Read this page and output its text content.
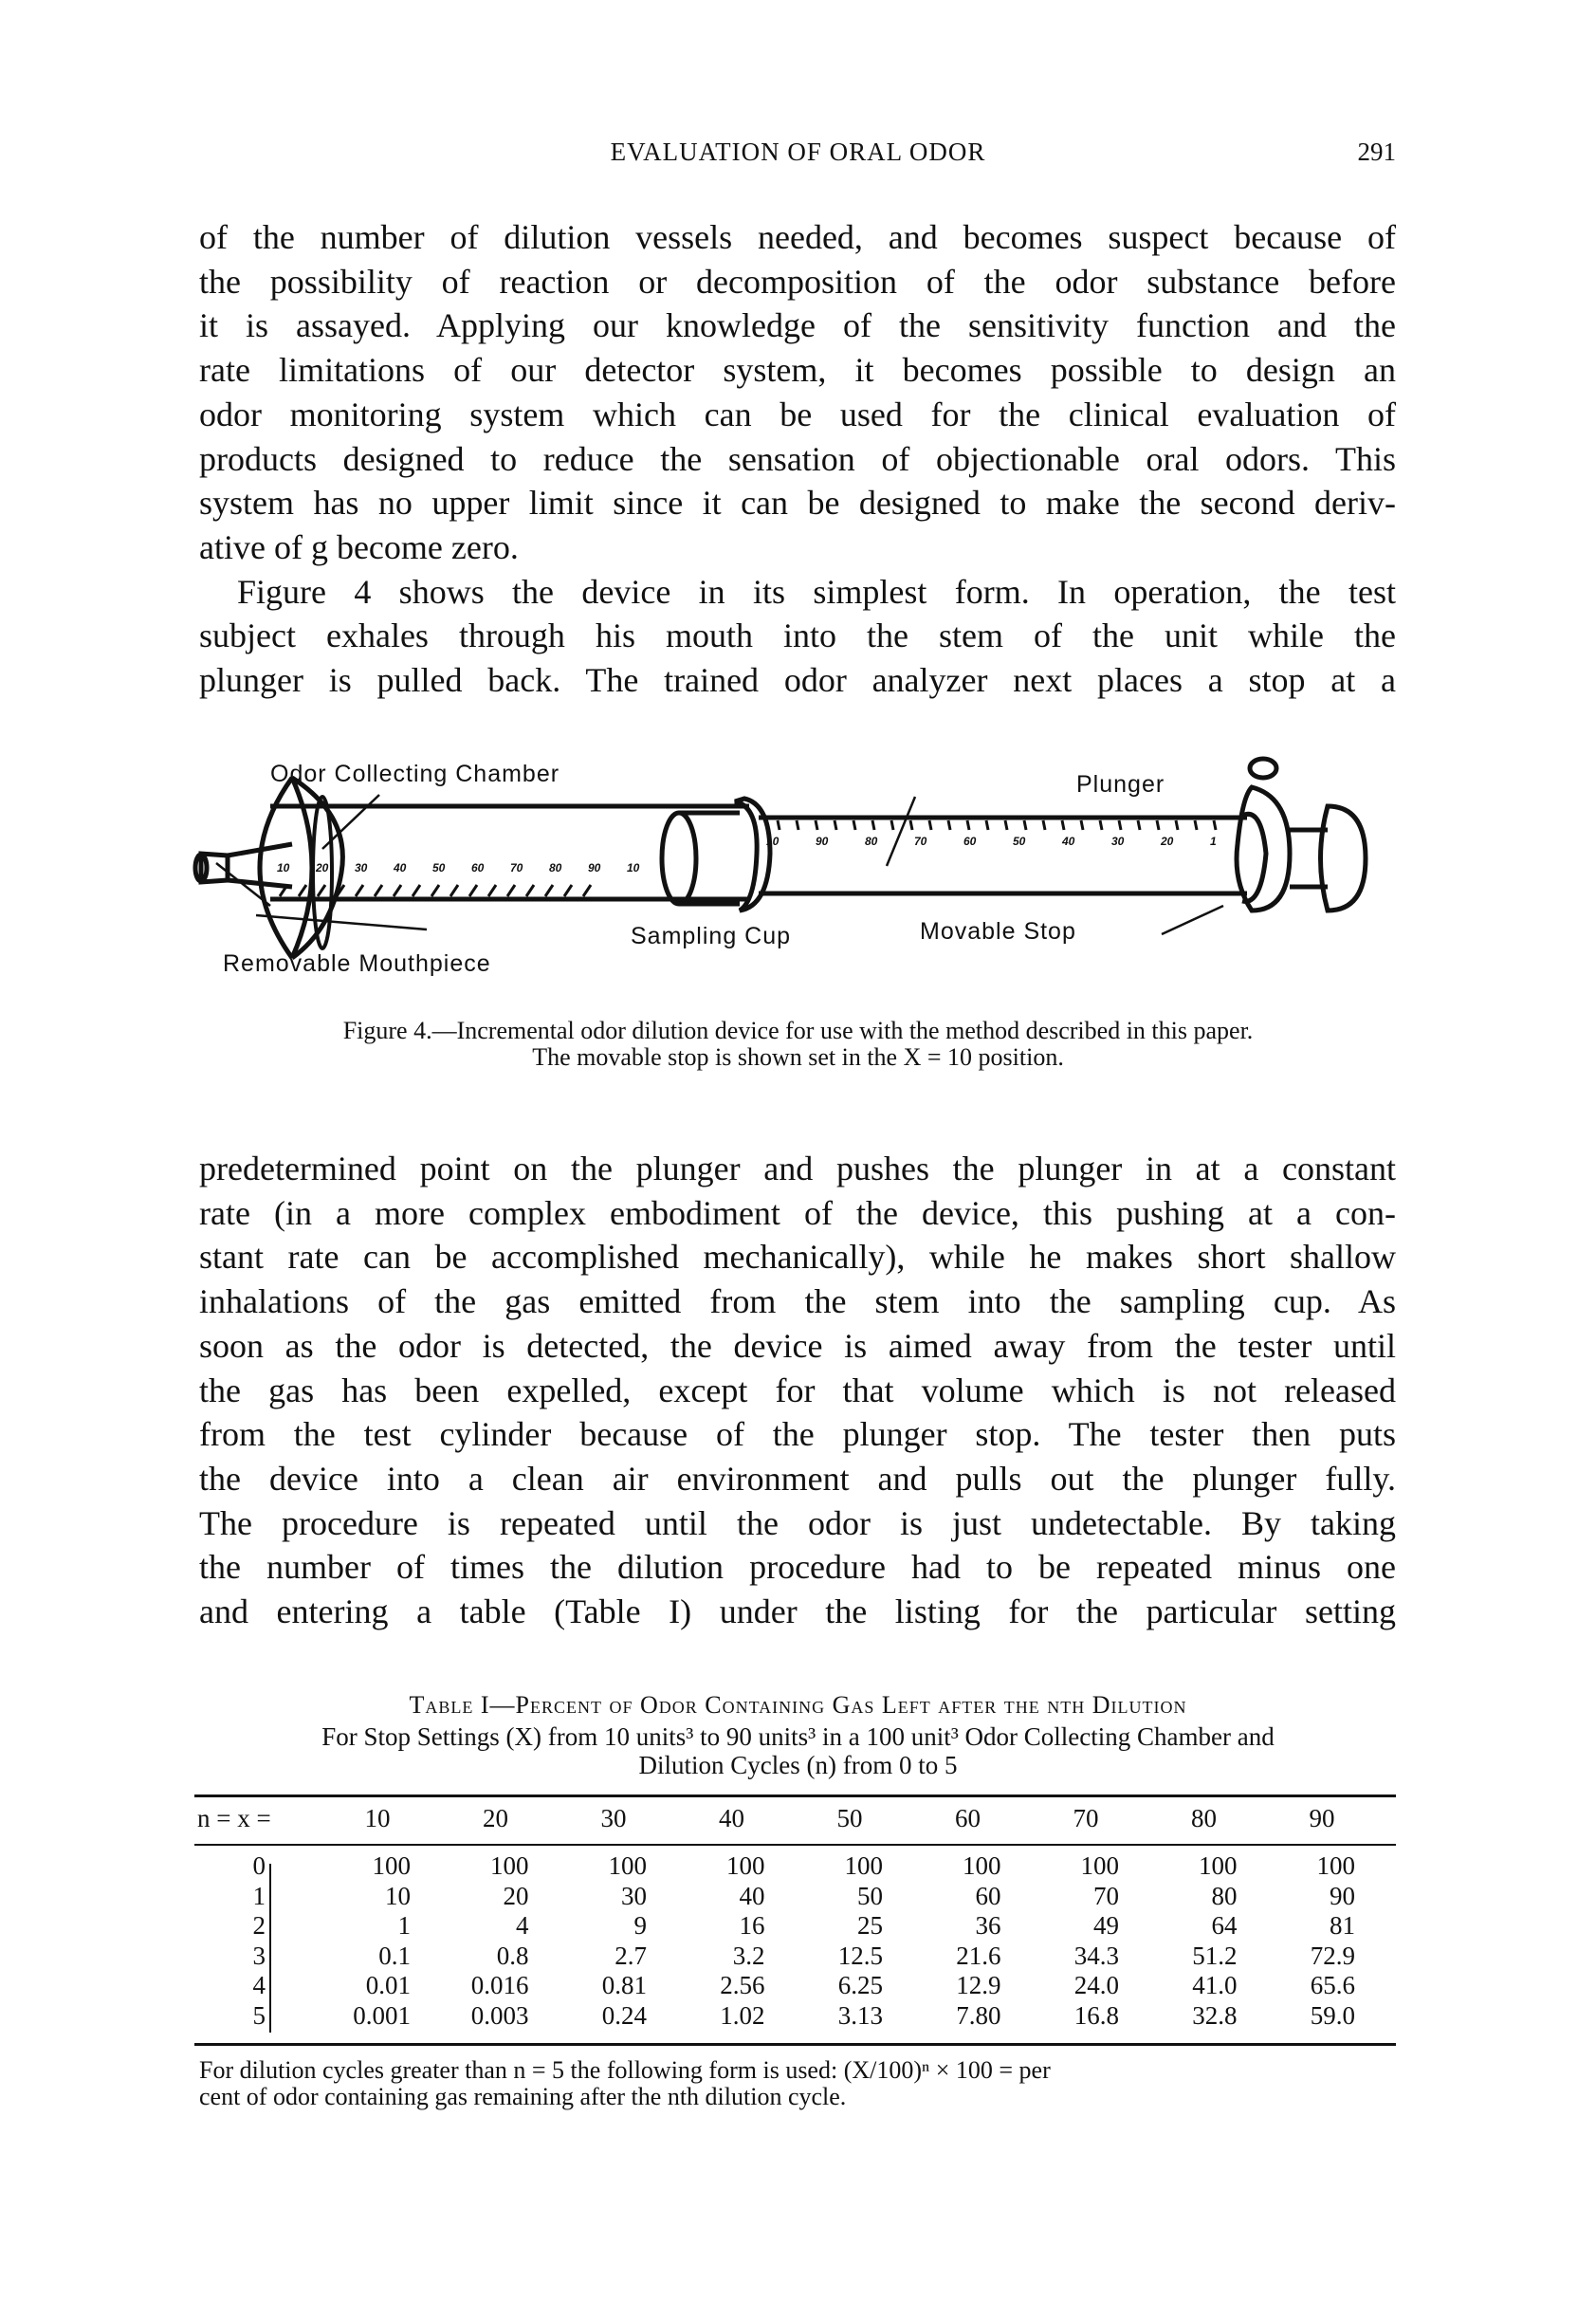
EVALUATION OF ORAL ODOR	291
of the number of dilution vessels needed, and becomes suspect because of
the possibility of reaction or decomposition of the odor substance before
it is assayed. Applying our knowledge of the sensitivity function and the
rate limitations of our detector system, it becomes possible to design an
odor monitoring system which can be used for the clinical evaluation of
products designed to reduce the sensation of objectionable oral odors. This
system has no upper limit since it can be designed to make the second deriv-
ative of g become zero.
Figure 4 shows the device in its simplest form. In operation, the test
subject exhales through his mouth into the stem of the unit while the
plunger is pulled back. The trained odor analyzer next places a stop at a
Odor Collecting Chamber	Plunger
Sampling Cup	Movable Stop
Removable Mouthpiece
10 20 30 40 50 60 70 80 90 10
10	90	80	70	60	50	40	30	20	1
Figure 4.—Incremental odor dilution device for use with the method described in this paper.
The movable stop is shown set in the X = 10 position.
predetermined point on the plunger and pushes the plunger in at a constant
rate (in a more complex embodiment of the device, this pushing at a con-
stant rate can be accomplished mechanically), while he makes short shallow
inhalations of the gas emitted from the stem into the sampling cup. As
soon as the odor is detected, the device is aimed away from the tester until
the gas has been expelled, except for that volume which is not released
from the test cylinder because of the plunger stop. The tester then puts
the device into a clean air environment and pulls out the plunger fully.
The procedure is repeated until the odor is just undetectable. By taking
the number of times the dilution procedure had to be repeated minus one
and entering a table (Table I) under the listing for the particular setting
Table I—Percent of Odor Containing Gas Left after the nth Dilution
For Stop Settings (X) from 10 units³ to 90 units³ in a 100 unit³ Odor Collecting Chamber and
Dilution Cycles (n) from 0 to 5
n = x =	10	20	30	40	50	60	70	80	90
0	100	100	100	100	100	100	100	100	100
1	10	20	30	40	50	60	70	80	90
2	1	4	9	16	25	36	49	64	81
3	0.1	0.8	2.7	3.2	12.5	21.6	34.3	51.2	72.9
4	0.01	0.016	0.81	2.56	6.25	12.9	24.0	41.0	65.6
5	0.001	0.003	0.24	1.02	3.13	7.80	16.8	32.8	59.0
For dilution cycles greater than n = 5 the following form is used: (X/100)ⁿ × 100 = per
cent of odor containing gas remaining after the nth dilution cycle.
